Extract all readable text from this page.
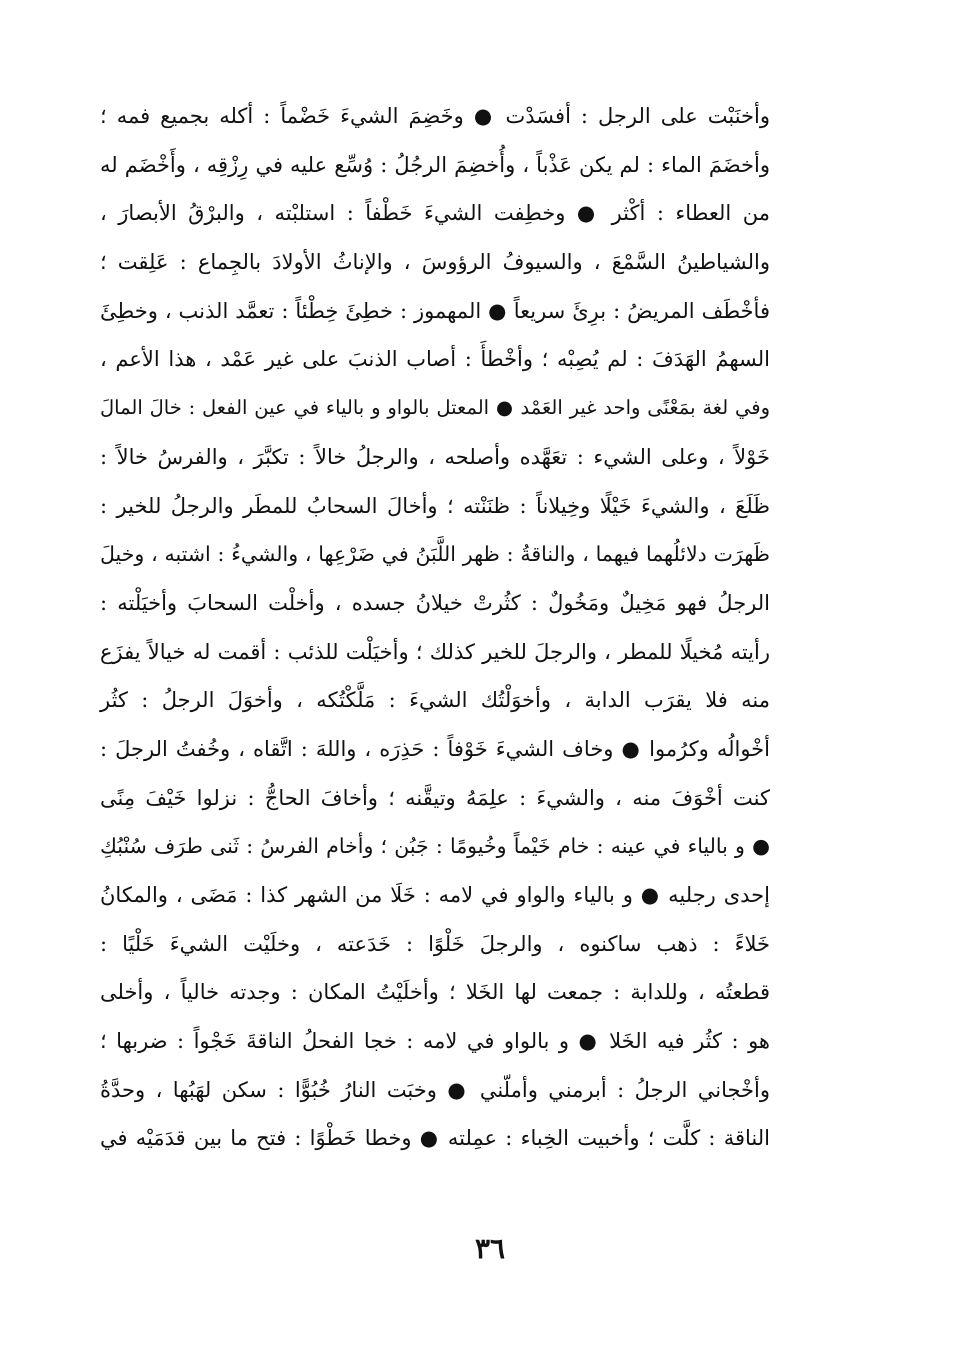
وأخنَبْت على الرجل : أفسَدْت ● وخَضِمَ الشيءَ خَضْماً : أكله بجميع فمه ؛
وأخضَمَ الماء : لم يكن عَذْباً ، وأُخضِمَ الرجُلُ : وُسِّع عليه في رِزْقِه ، وأَخْضَم له
من العطاء : أكْثر ● وخطِفت الشيءَ خَطْفاً : استلبْته ، والبرْقُ الأبصارَ ،
والشياطينُ السَّمْعَ ، والسيوفُ الرؤوسَ ، والإناثُ الأولادَ بالجِماع : عَلِقت ؛
فأخْطَف المريضُ : برِئَ سريعاً ● المهموز : خطِئَ خِطْئاً : تعمَّد الذنب ، وخطِئَ
السهمُ الهَدَفَ : لم يُصِبْه ؛ وأخْطأَ : أصاب الذنبَ على غير عَمْد ، هذا الأعم ،
وفي لغة بمَعْنًى واحد غير العَمْد ● المعتل بالواو و بالياء في عين الفعل : خالَ المالَ
خَوْلاً ، وعلى الشيء : تعَهَّده وأصلحه ، والرجلُ خالاً : تكبَّرَ ، والفرسُ خالاً :
ظَلَعَ ، والشيءَ خَيْلًا وخِيلاناً : ظنَنْته ؛ وأخالَ السحابُ للمطَر والرجلُ للخير :
ظَهرَت دلائلُهما فيهما ، والناقةُ : ظهر اللَّبَنُ في ضَرْعِها ، والشيءُ : اشتبه ، وخيلَ
الرجلُ فهو مَخِيلٌ ومَخُولٌ : كثُرتْ خيلانُ جسده ، وأخلْت السحابَ وأخيَلْته :
رأيته مُخيلًا للمطر ، والرجلَ للخير كذلك ؛ وأخيَلْت للذئب : أقمت له خيالاً يفزَع
منه فلا يقرَب الدابة ، وأخوَلْتُك الشيءَ : مَلَّكْتُكه ، وأخوَلَ الرجلُ : كثُر
أخْوالُه وكرُموا ● وخاف الشيءَ خَوْفاً : حَذِرَه ، واللهَ : اتَّقاه ، وخُفتُ الرجلَ :
كنت أخْوَفَ منه ، والشيءَ : علِمَهُ وتيقَّنه ؛ وأخافَ الحاجُّ : نزلوا خَيْفَ مِنًى
● و بالياء في عينه : خام خَيْماً وخُيومًا : جَبُن ؛ وأخام الفرسُ : ثَنى طرَف سُنْبُكِ
إحدى رجليه ● و بالياء والواو في لامه : خَلَا من الشهر كذا : مَضَى ، والمكانُ
خَلاءً : ذهب ساكنوه ، والرجلَ خَلْوًا : خَدَعته ، وخلَيْت الشيءَ خَلْيًا :
قطعتُه ، وللدابة : جمعت لها الخَلا ؛ وأخلَيْتُ المكان : وجدته خالياً ، وأخلى
هو : كثُر فيه الخَلا ● و بالواو في لامه : خجا الفحلُ الناقةَ خَجْواً : ضربها ؛
وأخْجاني الرجلُ : أبرمني وأملّني ● وخبَت النارُ خُبُوًّا : سكن لهَبُها ، وحدَّةُ
الناقة : كلَّت ؛ وأخبيت الخِباء : عمِلته ● وخطا خَطْوًا : فتح ما بين قدَمَيْه في
٣٦
